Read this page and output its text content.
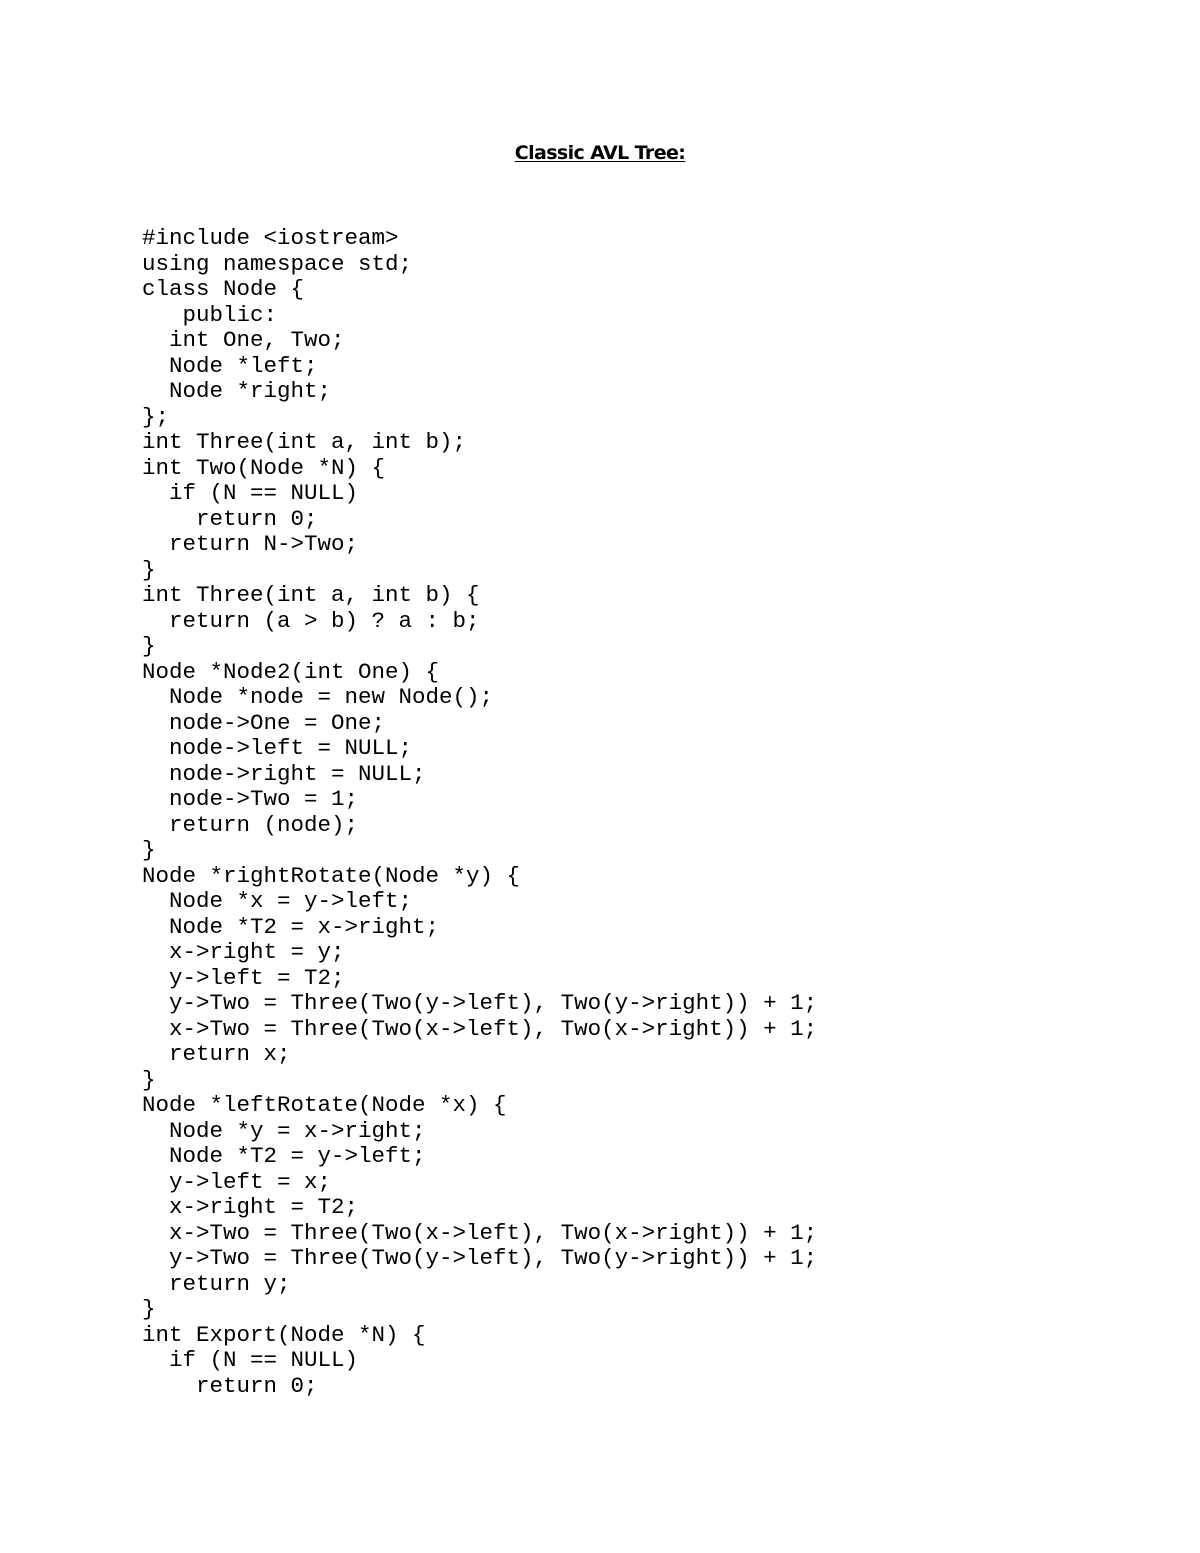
Classic AVL Tree:
#include <iostream>
using namespace std;
class Node {
public:
int One, Two;
Node *left;
Node *right;
};
int Three(int a, int b);
int Two(Node *N) {
if (N == NULL)
return 0;
return N->Two;
}
int Three(int a, int b) {
return (a > b) ? a : b;
}
Node *Node2(int One) {
Node *node = new Node();
node->One = One;
node->left = NULL;
node->right = NULL;
node->Two = 1;
return (node);
}
Node *rightRotate(Node *y) {
Node *x = y->left;
Node *T2 = x->right;
x->right = y;
y->left = T2;
y->Two = Three(Two(y->left), Two(y->right)) + 1;
x->Two = Three(Two(x->left), Two(x->right)) + 1;
return x;
}
Node *leftRotate(Node *x) {
Node *y = x->right;
Node *T2 = y->left;
y->left = x;
x->right = T2;
x->Two = Three(Two(x->left), Two(x->right)) + 1;
y->Two = Three(Two(y->left), Two(y->right)) + 1;
return y;
}
int Export(Node *N) {
if (N == NULL)
return 0;
